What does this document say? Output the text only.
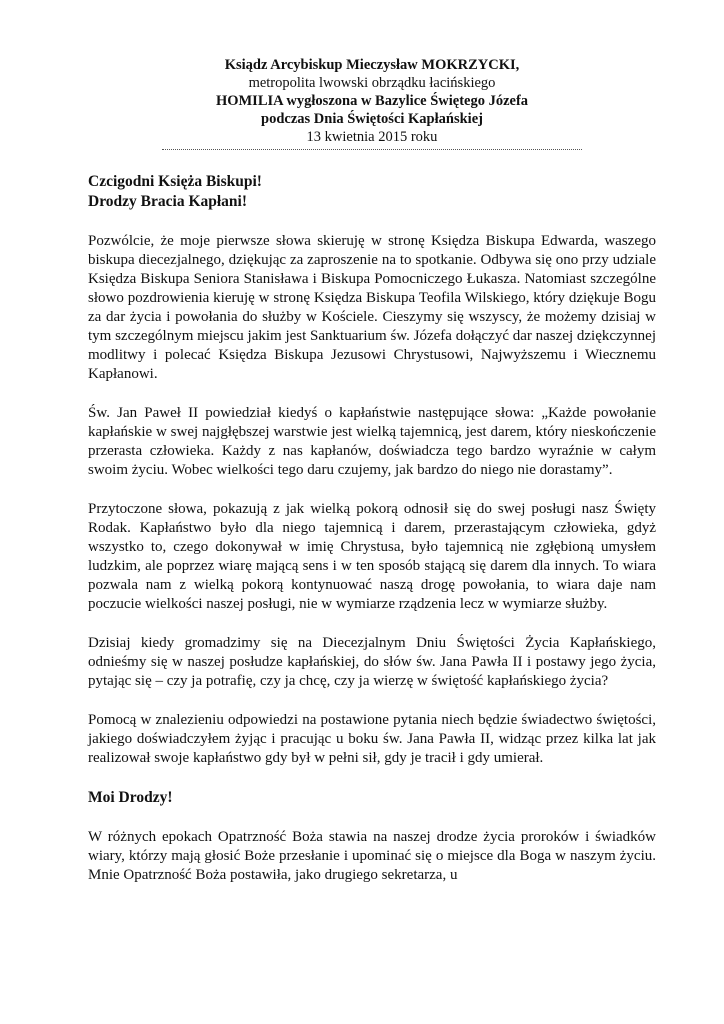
Ksiądz Arcybiskup Mieczysław MOKRZYCKI,
metropolita lwowski obrządku łacińskiego
HOMILIA wygłoszona w Bazylice Świętego Józefa
podczas Dnia Świętości Kapłańskiej
13 kwietnia 2015 roku
Czcigodni Księża Biskupi!
Drodzy Bracia Kapłani!

Pozwólcie, że moje pierwsze słowa skieruję w stronę Księdza Biskupa Edwarda, waszego biskupa diecezjalnego, dziękując za zaproszenie na to spotkanie. Odbywa się ono przy udziale Księdza Biskupa Seniora Stanisława i Biskupa Pomocniczego Łukasza. Natomiast szczególne słowo pozdrowienia kieruję w stronę Księdza Biskupa Teofila Wilskiego, który dziękuje Bogu za dar życia i powołania do służby w Kościele. Cieszymy się wszyscy, że możemy dzisiaj w tym szczególnym miejscu jakim jest Sanktuarium św. Józefa dołączyć dar naszej dziękczynnej modlitwy i polecać Księdza Biskupa Jezusowi Chrystusowi, Najwyższemu i Wiecznemu Kapłanowi.

Św. Jan Paweł II powiedział kiedyś o kapłaństwie następujące słowa: „Każde powołanie kapłańskie w swej najgłębszej warstwie jest wielką tajemnicą, jest darem, który nieskończenie przerasta człowieka. Każdy z nas kapłanów, doświadcza tego bardzo wyraźnie w całym swoim życiu. Wobec wielkości tego daru czujemy, jak bardzo do niego nie dorastamy”.

Przytoczone słowa, pokazują z jak wielką pokorą odnosił się do swej posługi nasz Święty Rodak. Kapłaństwo było dla niego tajemnicą i darem, przerastającym człowieka, gdyż wszystko to, czego dokonywał w imię Chrystusa, było tajemnicą nie zgłębioną umysłem ludzkim, ale poprzez wiarę mającą sens i w ten sposób stającą się darem dla innych. To wiara pozwala nam z wielką pokorą kontynuować naszą drogę powołania, to wiara daje nam poczucie wielkości naszej posługi, nie w wymiarze rządzenia lecz w wymiarze służby.

Dzisiaj kiedy gromadzimy się na Diecezjalnym Dniu Świętości Życia Kapłańskiego, odnieśmy się w naszej posłudze kapłańskiej, do słów św. Jana Pawła II i postawy jego życia, pytając się – czy ja potrafię, czy ja chcę, czy ja wierzę w świętość kapłańskiego życia?

Pomocą w znalezieniu odpowiedzi na postawione pytania niech będzie świadectwo świętości, jakiego doświadczyłem żyjąc i pracując u boku św. Jana Pawła II, widząc przez kilka lat jak realizował swoje kapłaństwo gdy był w pełni sił, gdy je tracił i gdy umierał.

Moi Drodzy!

W różnych epokach Opatrzność Boża stawia na naszej drodze życia proroków i świadków wiary, którzy mają głosić Boże przesłanie i upominać się o miejsce dla Boga w naszym życiu. Mnie Opatrzność Boża postawiła, jako drugiego sekretarza, u
